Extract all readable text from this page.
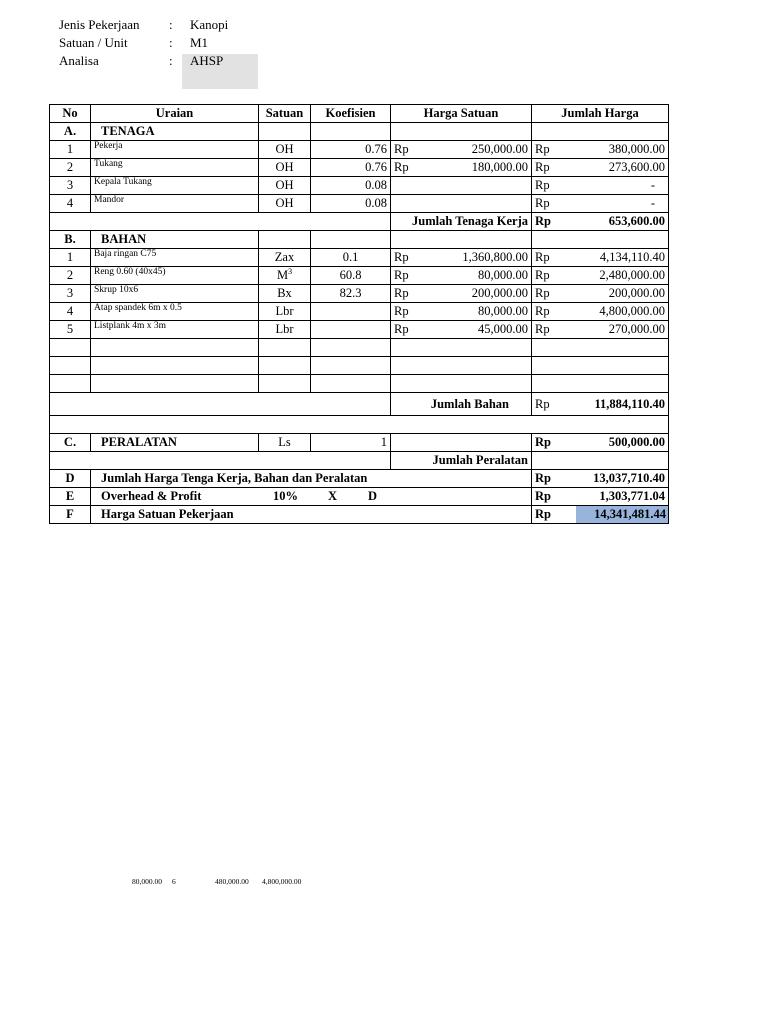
Jenis Pekerjaan	:	Kanopi
Satuan / Unit	:	M1
Analisa	:	AHSP
No	Uraian	Satuan	Koefisien	Harga Satuan	Jumlah Harga
A.	TENAGA				
1	Pekerja	OH	0.76	Rp 250,000.00	Rp 380,000.00

2	Tukang	OH	0.76	Rp 180,000.00	Rp 273,600.00

3	Kepala Tukang	OH	0.08		Rp -

4	Mandor	OH	0.08		Rp -

				Jumlah Tenaga Kerja	Rp 653,600.00

B.	BAHAN				
1	Baja ringan C75	Zax	0.1	Rp 1,360,800.00	Rp 4,134,110.40

2	Reng 0.60 (40x45)	$M^3$	60.8	Rp 80,000.00	Rp 2,480,000.00

3	Skrup 10x6	Bx	82.3	Rp 200,000.00	Rp 200,000.00

4	Atap spandek 6m x 0.5	Lbr		Rp 80,000.00	Rp 4,800,000.00

5	Listplank 4m x 3m	Lbr		Rp 45,000.00	Rp 270,000.00

				Jumlah Bahan	Rp 11,884,110.40

C.	PERALATAN	Ls	1		Rp 500,000.00

				Jumlah Peralatan	
D	Jumlah Harga Tenga Kerja, Bahan dan Peralatan				Rp 13,037,710.40

E	Overhead & Profit 10% X D				Rp 1,303,771.04

F	Harga Satuan Pekerjaan				Rp 14,341,481.44
80,000.00 6	480,000.00 4,800,000.00
